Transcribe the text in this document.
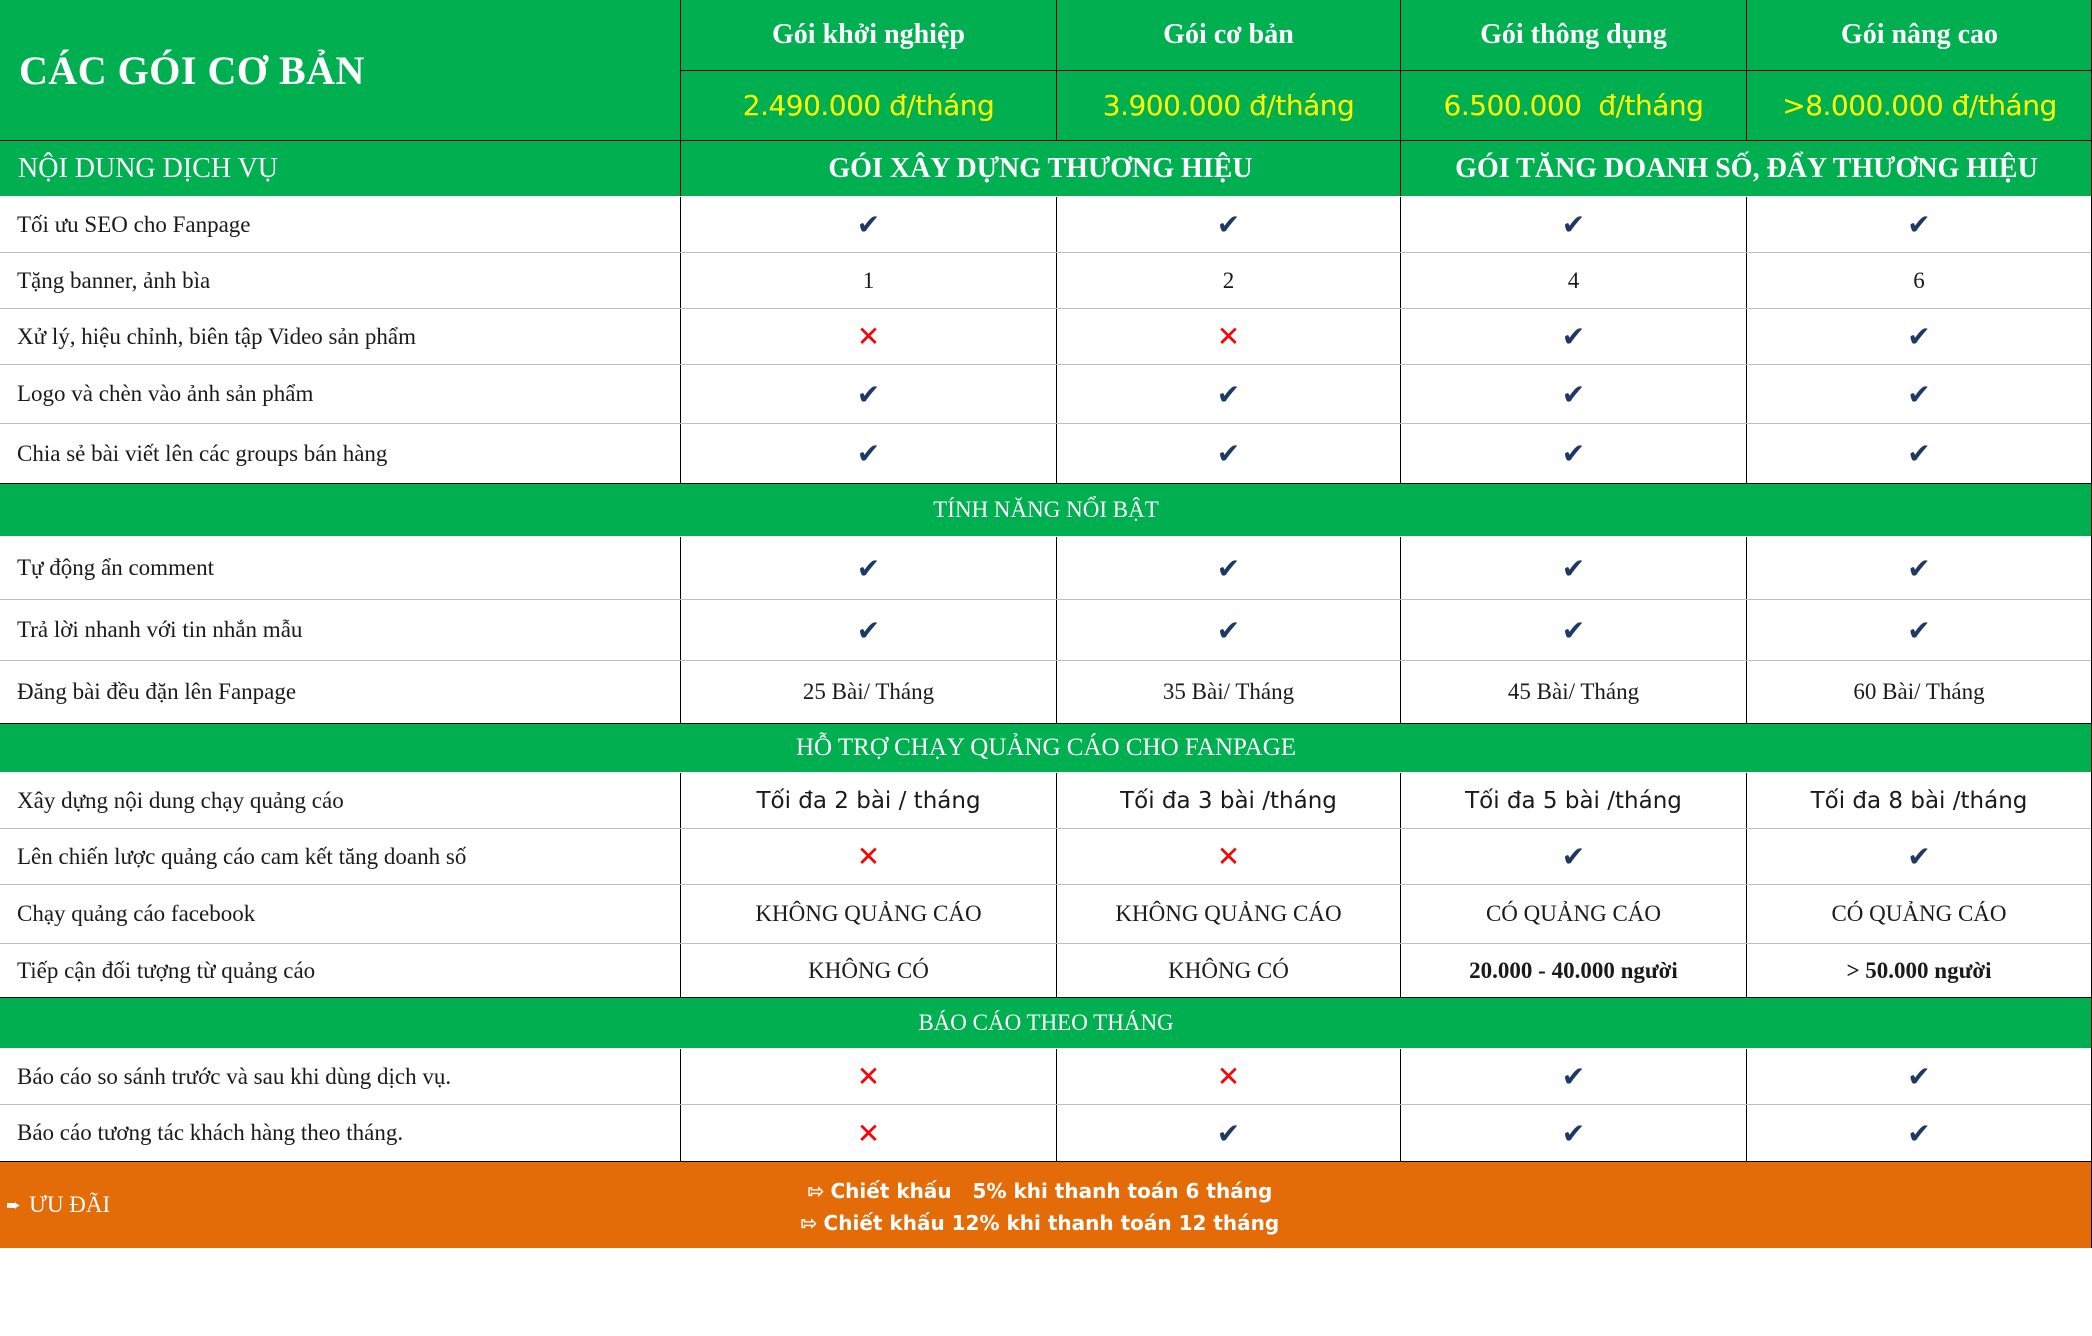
CÁC GÓI CƠ BẢN
Gói khởi nghiệp	Gói cơ bản	Gói thông dụng	Gói nâng cao
2.490.000 đ/tháng	3.900.000 đ/tháng	6.500.000  đ/tháng	>8.000.000 đ/tháng
NỘI DUNG DỊCH VỤ	GÓI XÂY DỰNG THƯƠNG HIỆU	GÓI TĂNG DOANH SỐ, ĐẨY THƯƠNG HIỆU
TÍNH NĂNG NỔI BẬT
HỖ TRỢ CHẠY QUẢNG CÁO CHO FANPAGE
BÁO CÁO THEO THÁNG
➨ ƯU ĐÃI
⇰ Chiết khấu   5% khi thanh toán 6 tháng
⇰ Chiết khấu 12% khi thanh toán 12 tháng
Tối ưu SEO cho Fanpage	✔	✔	✔	✔
Tặng banner, ảnh bìa	1	2	4	6
Xử lý, hiệu chỉnh, biên tập Video sản phẩm	✕	✕	✔	✔
Logo và chèn vào ảnh sản phẩm	✔	✔	✔	✔
Chia sẻ bài viết lên các groups bán hàng	✔	✔	✔	✔
Tự động ẩn comment	✔	✔	✔	✔
Trả lời nhanh với tin nhắn mẫu	✔	✔	✔	✔
Đăng bài đều đặn lên Fanpage	25 Bài/ Tháng	35 Bài/ Tháng	45 Bài/ Tháng	60 Bài/ Tháng
Xây dựng nội dung chạy quảng cáo	Tối đa 2 bài / tháng	Tối đa 3 bài /tháng	Tối đa 5 bài /tháng	Tối đa 8 bài /tháng
Lên chiến lược quảng cáo cam kết tăng doanh số	✕	✕	✔	✔
Chạy quảng cáo facebook	KHÔNG QUẢNG CÁO	KHÔNG QUẢNG CÁO	CÓ QUẢNG CÁO	CÓ QUẢNG CÁO
Tiếp cận đối tượng từ quảng cáo	KHÔNG CÓ	KHÔNG CÓ	20.000 - 40.000 người	> 50.000 người
Báo cáo so sánh trước và sau khi dùng dịch vụ.	✕	✕	✔	✔
Báo cáo tương tác khách hàng theo tháng.	✕	✔	✔	✔
